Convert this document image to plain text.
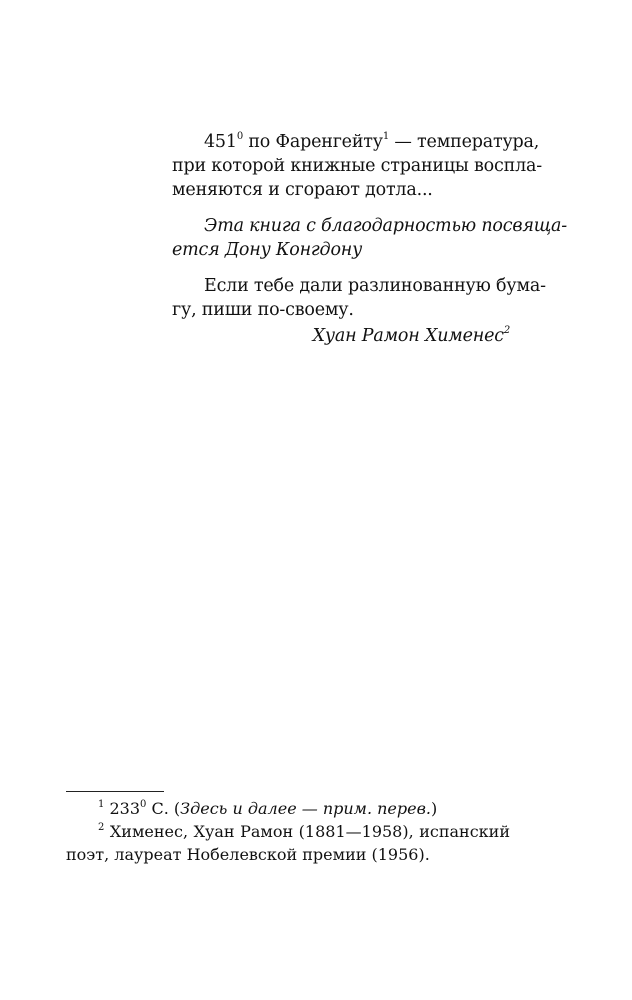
$451^0$ по Фаренгейту$^1$ — температура,
при которой книжные страницы воспла-
меняются и сгорают дотла...

Эта книга с благодарностью посвяща-
ется Дону Конгдону

Если тебе дали разлинованную бума-
гу, пиши по-своему.

Хуан Рамон Хименес$^2$
$^1$ $233^0$ С. (Здесь и далее — прим. перев.)
$^2$ Хименес, Хуан Рамон (1881—1958), испанский
поэт, лауреат Нобелевской премии (1956).
